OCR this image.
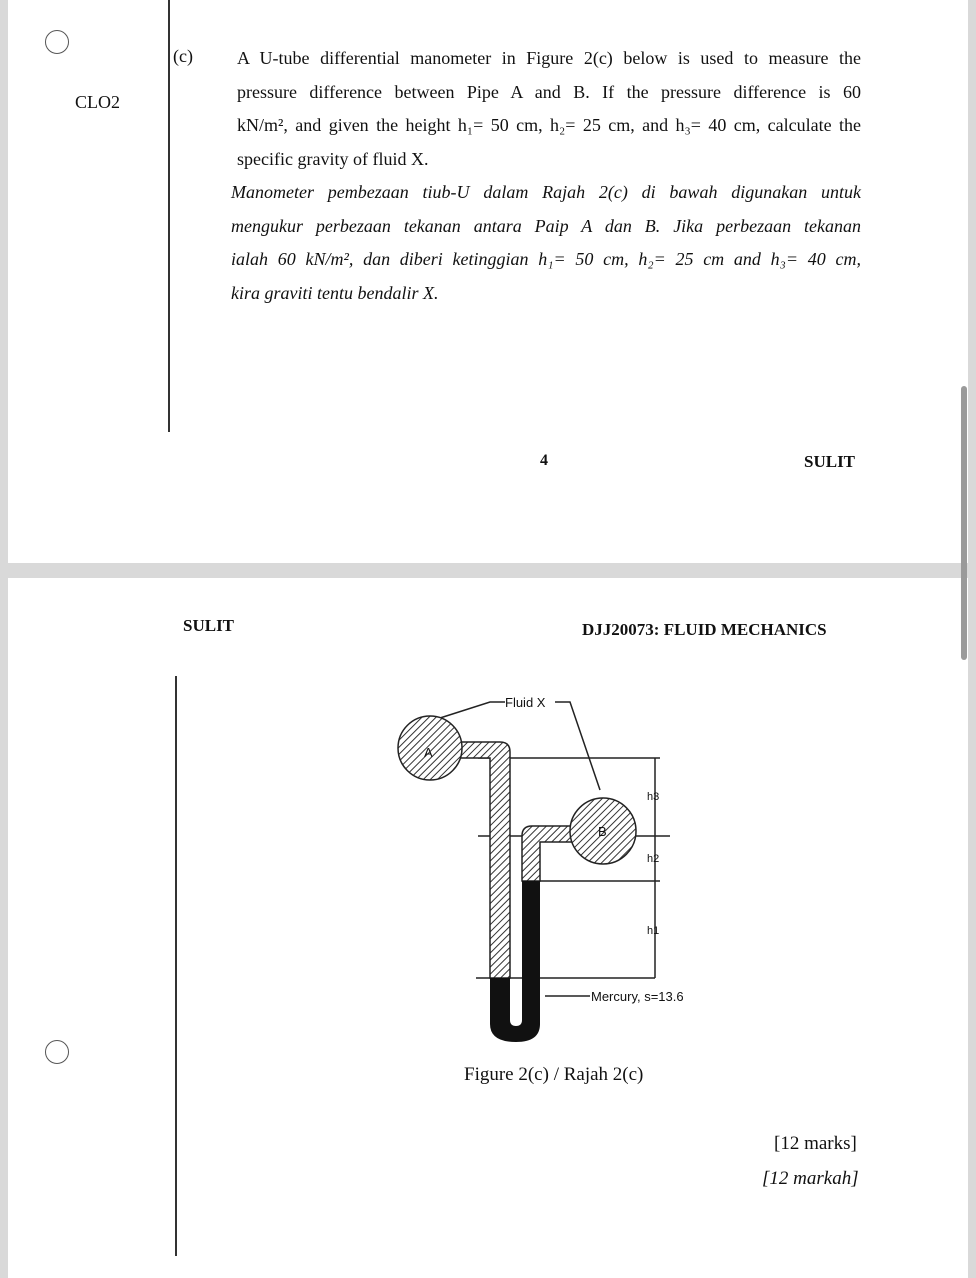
CLO2
(c) A U-tube differential manometer in Figure 2(c) below is used to measure the
pressure difference between Pipe A and B. If the pressure difference is 60
kN/m², and given the height h₁= 50 cm, h₂= 25 cm, and h₃= 40 cm, calculate the
specific gravity of fluid X.
Manometer pembezaan tiub-U dalam Rajah 2(c) di bawah digunakan untuk
mengukur perbezaan tekanan antara Paip A dan B. Jika perbezaan tekanan
ialah 60 kN/m², dan diberi ketinggian h₁= 50 cm, h₂= 25 cm and h₃= 40 cm,
kira graviti tentu bendalir X.
4	SULIT
SULIT	DJJ20073: FLUID MECHANICS
Figure 2(c) / Rajah 2(c)
[12 marks]
[12 markah]
Fluid X
A
B
h3
h2
h1
Mercury, s=13.6
